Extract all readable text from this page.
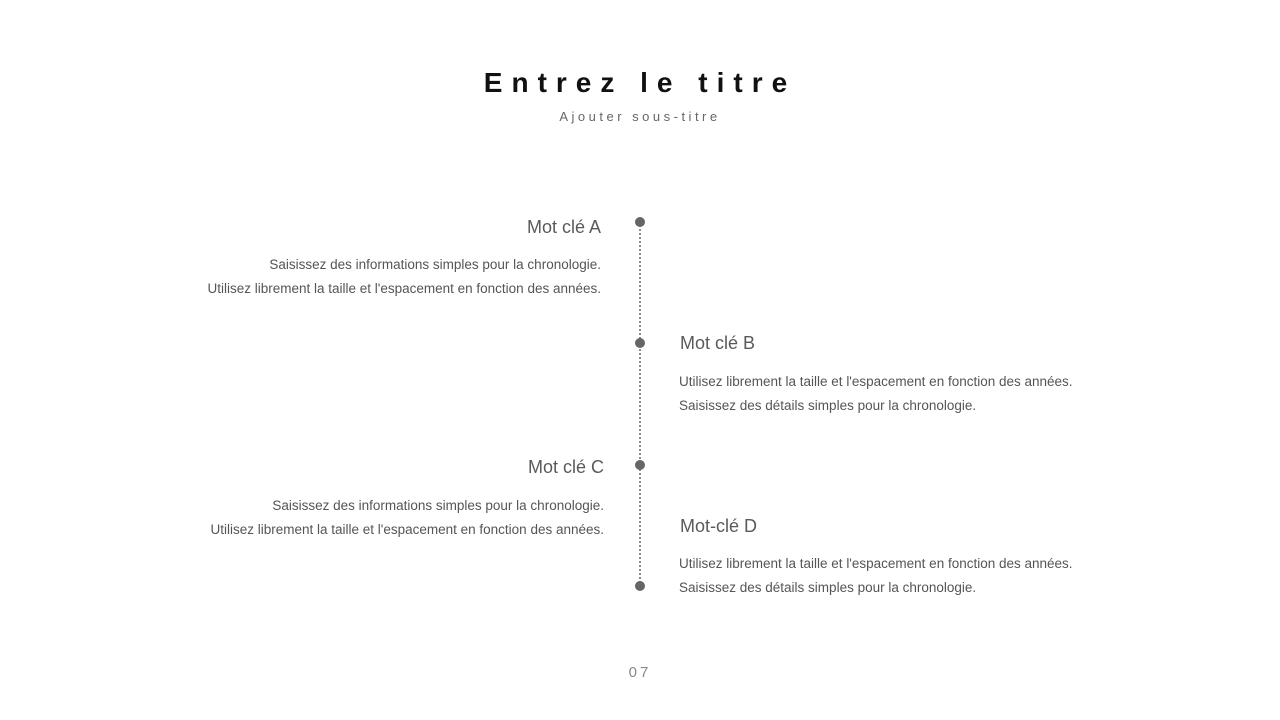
Entrez le titre
Ajouter sous-titre
Mot clé A
Saisissez des informations simples pour la chronologie.
Utilisez librement la taille et l'espacement en fonction des années.
Mot clé B
Utilisez librement la taille et l'espacement en fonction des années.
Saisissez des détails simples pour la chronologie.
Mot clé C
Saisissez des informations simples pour la chronologie.
Utilisez librement la taille et l'espacement en fonction des années.	Mot-clé D
Utilisez librement la taille et l'espacement en fonction des années.
Saisissez des détails simples pour la chronologie.
07
